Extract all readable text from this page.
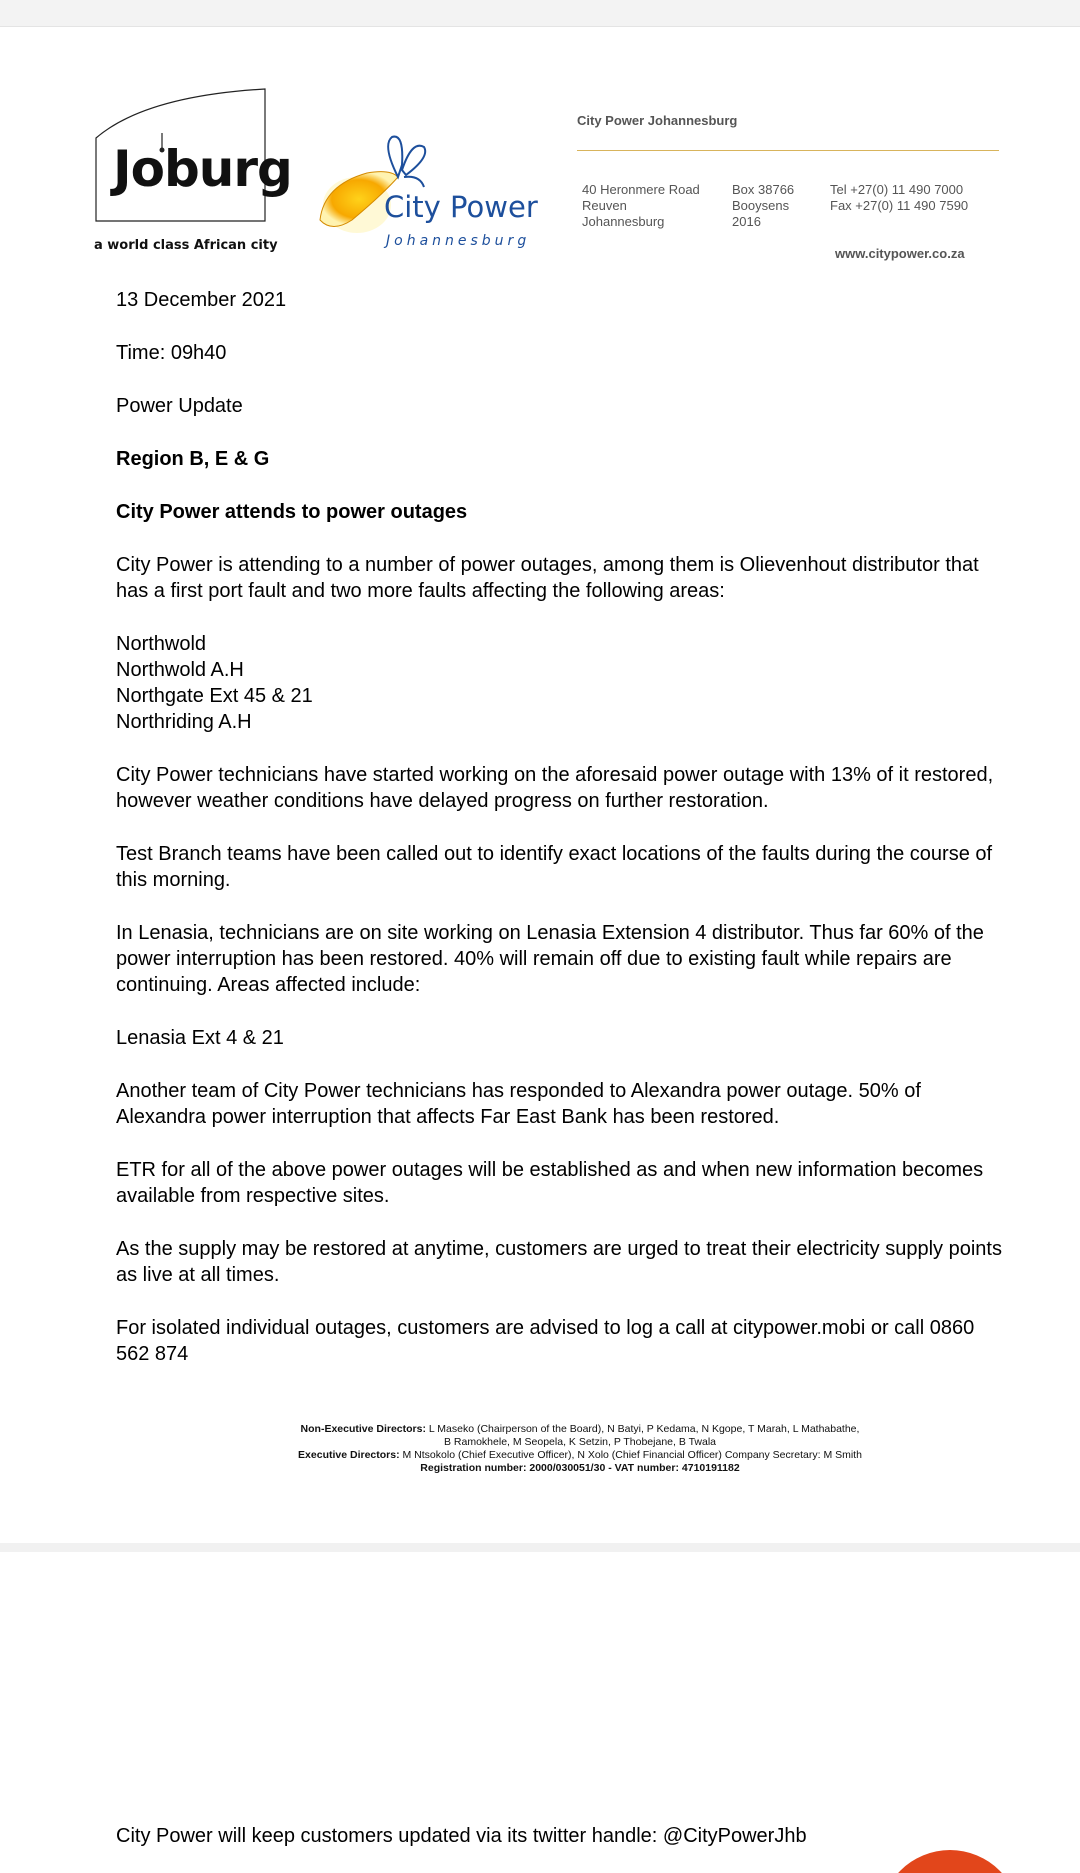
Joburg
a world class African city
City Power
Johannesburg
City Power Johannesburg
40 Heronmere Road
Reuven
Johannesburg
Box 38766
Booysens
2016
Tel +27(0) 11 490 7000
Fax +27(0) 11 490 7590
www.citypower.co.za

13 December 2021

Time: 09h40

Power Update

Region B, E & G

City Power attends to power outages

City Power is attending to a number of power outages, among them is Olievenhout distributor that has a first port fault and two more faults affecting the following areas:

Northwold
Northwold A.H
Northgate Ext 45 & 21
Northriding A.H

City Power technicians have started working on the aforesaid power outage with 13% of it restored, however weather conditions have delayed progress on further restoration.

Test Branch teams have been called out to identify exact locations of the faults during the course of this morning.

In Lenasia, technicians are on site working on Lenasia Extension 4 distributor. Thus far 60% of the power interruption has been restored. 40% will remain off due to existing fault while repairs are continuing. Areas affected include:

Lenasia Ext 4 & 21

Another team of City Power technicians has responded to Alexandra power outage. 50% of Alexandra power interruption that affects Far East Bank has been restored.

ETR for all of the above power outages will be established as and when new information becomes available from respective sites.

As the supply may be restored at anytime, customers are urged to treat their electricity supply points as live at all times.

For isolated individual outages, customers are advised to log a call at citypower.mobi or call 0860 562 874

Non-Executive Directors: L Maseko (Chairperson of the Board), N Batyi, P Kedama, N Kgope, T Marah, L Mathabathe,
B Ramokhele, M Seopela, K Setzin, P Thobejane, B Twala
Executive Directors: M Ntsokolo (Chief Executive Officer), N Xolo (Chief Financial Officer) Company Secretary: M Smith
Registration number: 2000/030051/30 - VAT number: 4710191182
City Power will keep customers updated via its twitter handle: @CityPowerJhb
